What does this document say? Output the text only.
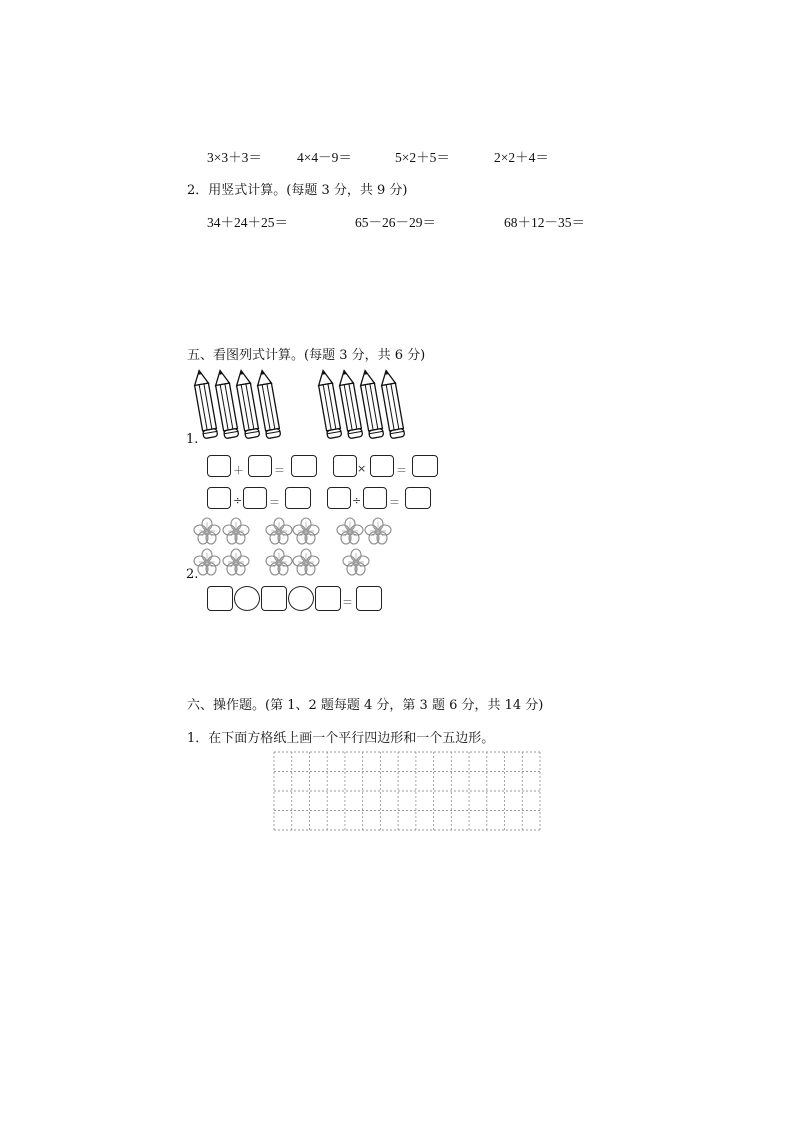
3×3＋3＝	4×4－9＝	5×2＋5＝	2×2＋4＝
2．用竖式计算。(每题 3 分，共 9 分)
34＋24＋25＝	65－26－29＝	68＋12－35＝
五、看图列式计算。(每题 3 分，共 6 分)
1.
＋	＝	×	＝
÷ ＝	÷	＝
2.
＝
六、操作题。(第 1、2 题每题 4 分，第 3 题 6 分，共 14 分)
1．在下面方格纸上画一个平行四边形和一个五边形。
